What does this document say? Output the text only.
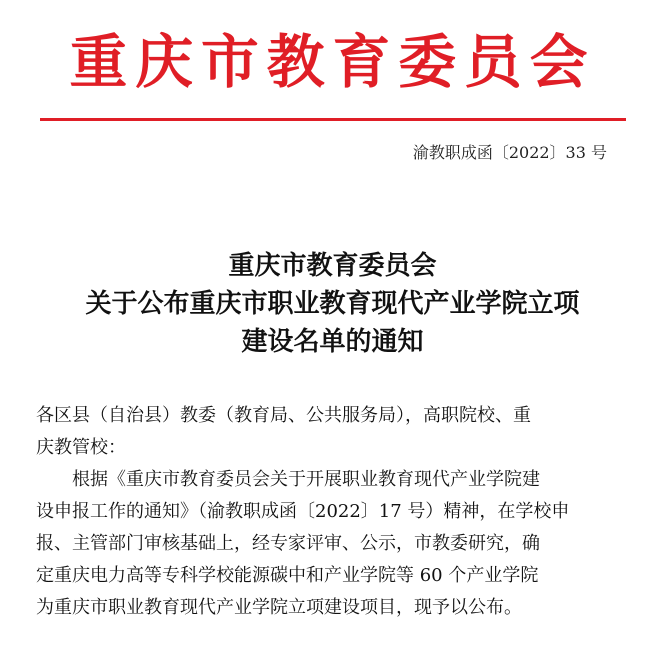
重庆市教育委员会
渝教职成函〔2022〕33 号
重庆市教育委员会
关于公布重庆市职业教育现代产业学院立项
建设名单的通知
各区县（自治县）教委（教育局、公共服务局），高职院校、重
庆教管校：
根据《重庆市教育委员会关于开展职业教育现代产业学院建
设申报工作的通知》（渝教职成函〔2022〕17 号）精神，在学校申
报、主管部门审核基础上，经专家评审、公示，市教委研究，确
定重庆电力高等专科学校能源碳中和产业学院等 60 个产业学院
为重庆市职业教育现代产业学院立项建设项目，现予以公布。
